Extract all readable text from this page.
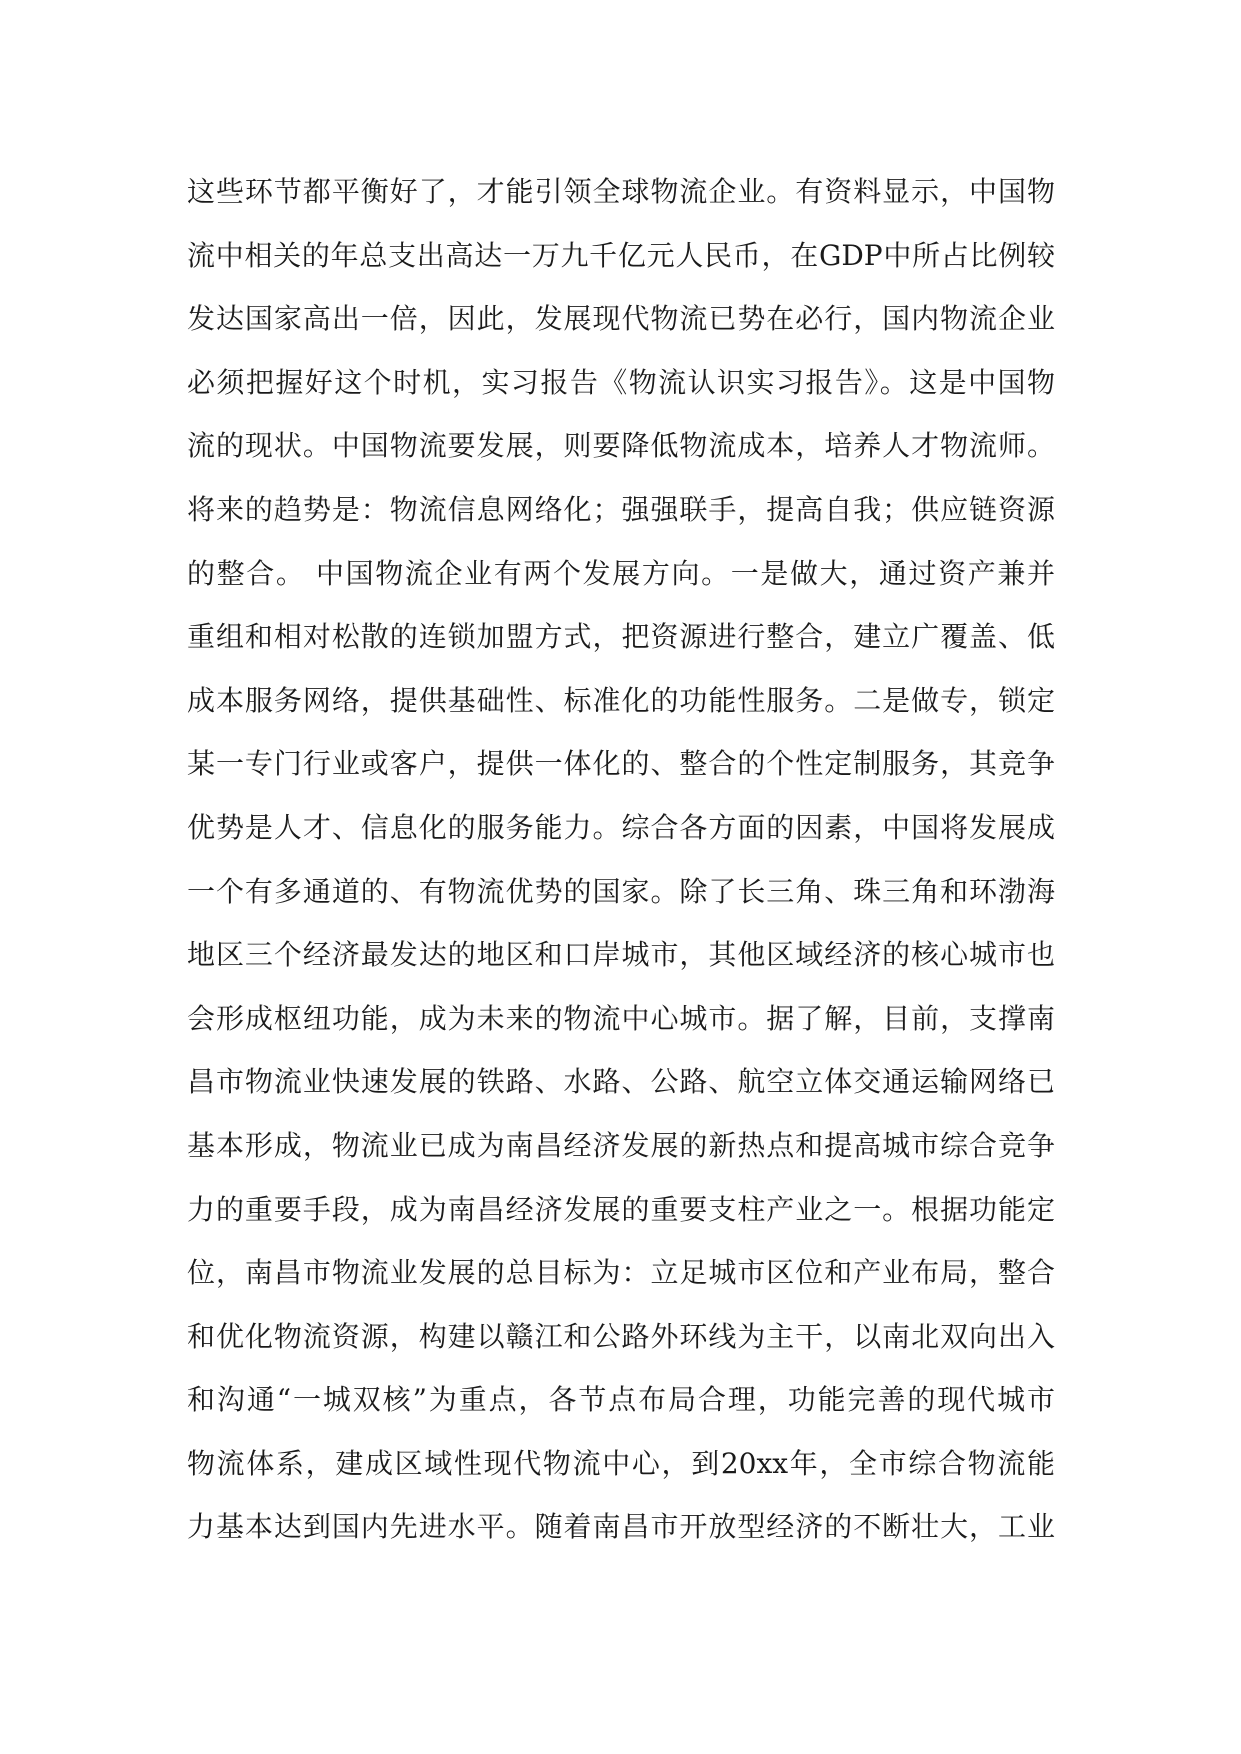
这些环节都平衡好了，才能引领全球物流企业。有资料显示，中国物
流中相关的年总支出高达一万九千亿元人民币，在GDP中所占比例较
发达国家高出一倍，因此，发展现代物流已势在必行，国内物流企业
必须把握好这个时机，实习报告《物流认识实习报告》。这是中国物
流的现状。中国物流要发展，则要降低物流成本，培养人才物流师。
将来的趋势是：物流信息网络化；强强联手，提高自我；供应链资源
的整合。 中国物流企业有两个发展方向。一是做大，通过资产兼并
重组和相对松散的连锁加盟方式，把资源进行整合，建立广覆盖、低
成本服务网络，提供基础性、标准化的功能性服务。二是做专，锁定
某一专门行业或客户，提供一体化的、整合的个性定制服务，其竞争
优势是人才、信息化的服务能力。综合各方面的因素，中国将发展成
一个有多通道的、有物流优势的国家。除了长三角、珠三角和环渤海
地区三个经济最发达的地区和口岸城市，其他区域经济的核心城市也
会形成枢纽功能，成为未来的物流中心城市。据了解，目前，支撑南
昌市物流业快速发展的铁路、水路、公路、航空立体交通运输网络已
基本形成，物流业已成为南昌经济发展的新热点和提高城市综合竞争
力的重要手段，成为南昌经济发展的重要支柱产业之一。根据功能定
位，南昌市物流业发展的总目标为：立足城市区位和产业布局，整合
和优化物流资源，构建以赣江和公路外环线为主干，以南北双向出入
和沟通“一城双核”为重点，各节点布局合理，功能完善的现代城市
物流体系，建成区域性现代物流中心，到20xx年，全市综合物流能
力基本达到国内先进水平。随着南昌市开放型经济的不断壮大，工业
